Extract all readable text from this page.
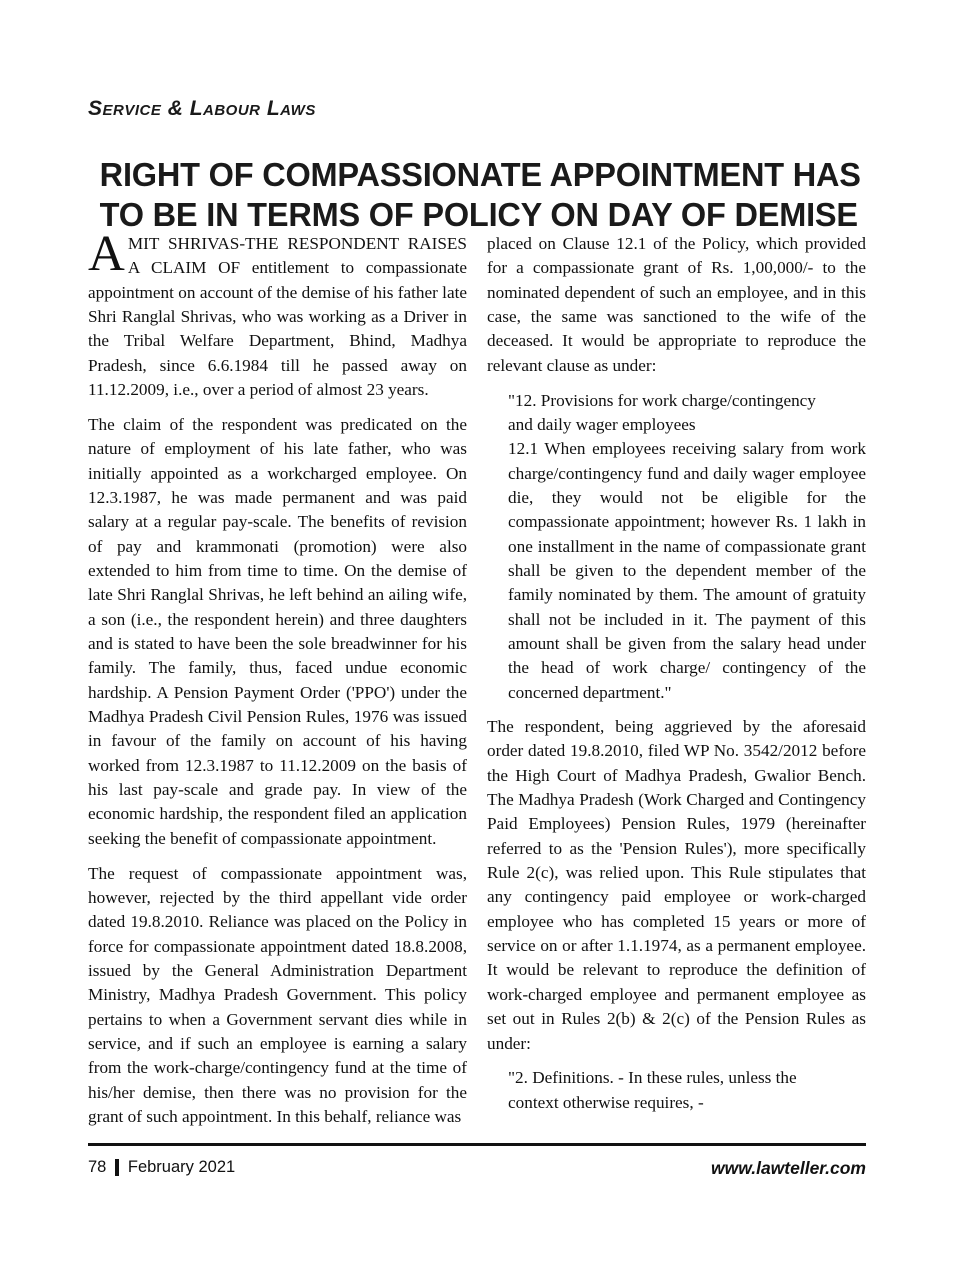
Service & Labour Laws
RIGHT OF COMPASSIONATE APPOINTMENT HAS
TO BE IN TERMS OF POLICY ON DAY OF DEMISE

AMIT SHRIVAS-THE RESPONDENT RAISES A CLAIM OF entitlement to compassionate appointment on account of the demise of his father late Shri Ranglal Shrivas, who was working as a Driver in the Tribal Welfare Department, Bhind, Madhya Pradesh, since 6.6.1984 till he passed away on 11.12.2009, i.e., over a period of almost 23 years.

The claim of the respondent was predicated on the nature of employment of his late father, who was initially appointed as a workcharged employee. On 12.3.1987, he was made permanent and was paid salary at a regular pay-scale. The benefits of revision of pay and krammonati (promotion) were also extended to him from time to time. On the demise of late Shri Ranglal Shrivas, he left behind an ailing wife, a son (i.e., the respondent herein) and three daughters and is stated to have been the sole breadwinner for his family. The family, thus, faced undue economic hardship. A Pension Payment Order ('PPO') under the Madhya Pradesh Civil Pension Rules, 1976 was issued in favour of the family on account of his having worked from 12.3.1987 to 11.12.2009 on the basis of his last pay-scale and grade pay. In view of the economic hardship, the respondent filed an application seeking the benefit of compassionate appointment.

The request of compassionate appointment was, however, rejected by the third appellant vide order dated 19.8.2010. Reliance was placed on the Policy in force for compassionate appointment dated 18.8.2008, issued by the General Administration Department Ministry, Madhya Pradesh Government. This policy pertains to when a Government servant dies while in service, and if such an employee is earning a salary from the work-charge/contingency fund at the time of his/her demise, then there was no provision for the grant of such appointment. In this behalf, reliance was

placed on Clause 12.1 of the Policy, which provided for a compassionate grant of Rs. 1,00,000/- to the nominated dependent of such an employee, and in this case, the same was sanctioned to the wife of the deceased. It would be appropriate to reproduce the relevant clause as under:

"12. Provisions for work charge/contingency
and daily wager employees
12.1 When employees receiving salary from work charge/contingency fund and daily wager employee die, they would not be eligible for the compassionate appointment; however Rs. 1 lakh in one installment in the name of compassionate grant shall be given to the dependent member of the family nominated by them. The amount of gratuity shall not be included in it. The payment of this amount shall be given from the salary head under the head of work charge/ contingency of the concerned department."

The respondent, being aggrieved by the aforesaid order dated 19.8.2010, filed WP No. 3542/2012 before the High Court of Madhya Pradesh, Gwalior Bench. The Madhya Pradesh (Work Charged and Contingency Paid Employees) Pension Rules, 1979 (hereinafter referred to as the 'Pension Rules'), more specifically Rule 2(c), was relied upon. This Rule stipulates that any contingency paid employee or work-charged employee who has completed 15 years or more of service on or after 1.1.1974, as a permanent employee. It would be relevant to reproduce the definition of work-charged employee and permanent employee as set out in Rules 2(b) & 2(c) of the Pension Rules as under:

"2. Definitions. - In these rules, unless the
context otherwise requires, -
78 February 2021	www.lawteller.com
